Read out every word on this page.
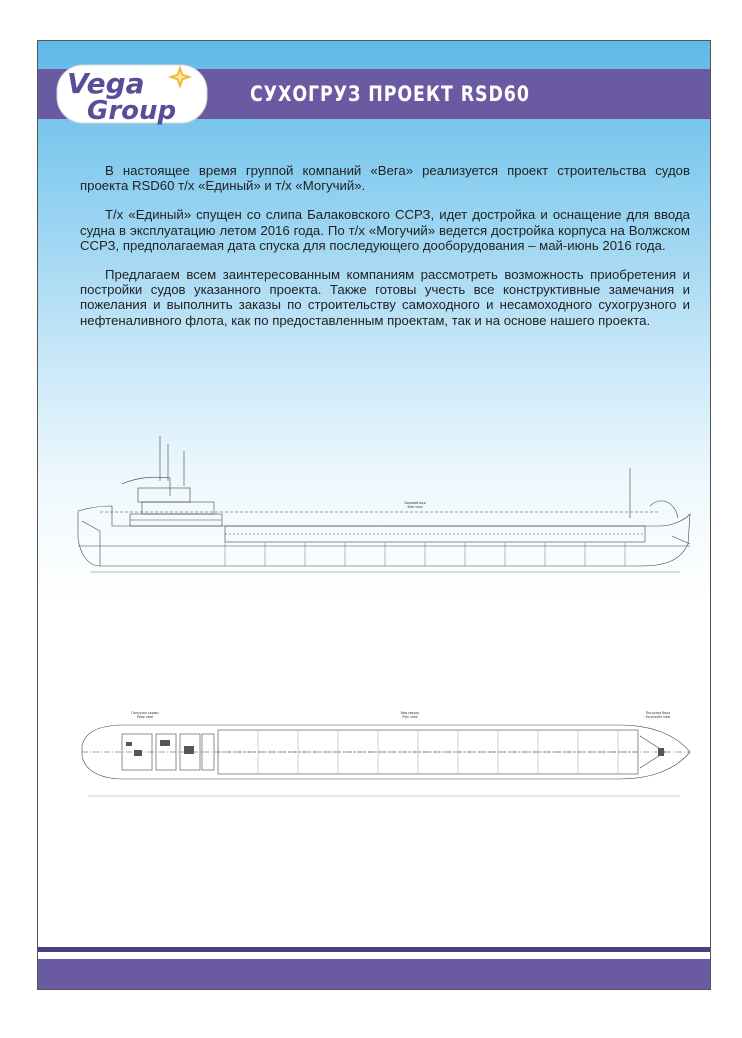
Vega
Group
СУХОГРУЗ ПРОЕКТ RSD60

В настоящее время группой компаний «Вега» реализуется проект строительства судов проекта RSD60 т/х «Единый» и т/х «Могучий».

Т/х «Единый» спущен со слипа Балаковского ССРЗ, идет достройка и оснащение для ввода судна в эксплуатацию летом 2016 года. По т/х «Могучий» ведется достройка корпуса на Волжском ССРЗ, предполагаемая дата спуска для последующего дооборудования – май-июнь 2016 года.

Предлагаем всем заинтересованным компаниям рассмотреть возможность приобретения и постройки судов указанного проекта. Также готовы учесть все конструктивные замечания и пожелания и выполнить заказы по строительству самоходного и несамоходного сухогрузного и нефтеналивного флота, как по предоставленным проектам, так и на основе нашего проекта.

Боковой вид
Side view
Погрузка кормы
Poop view
Вид сверху
Plan view
Погрузка бака
Forecastle view
